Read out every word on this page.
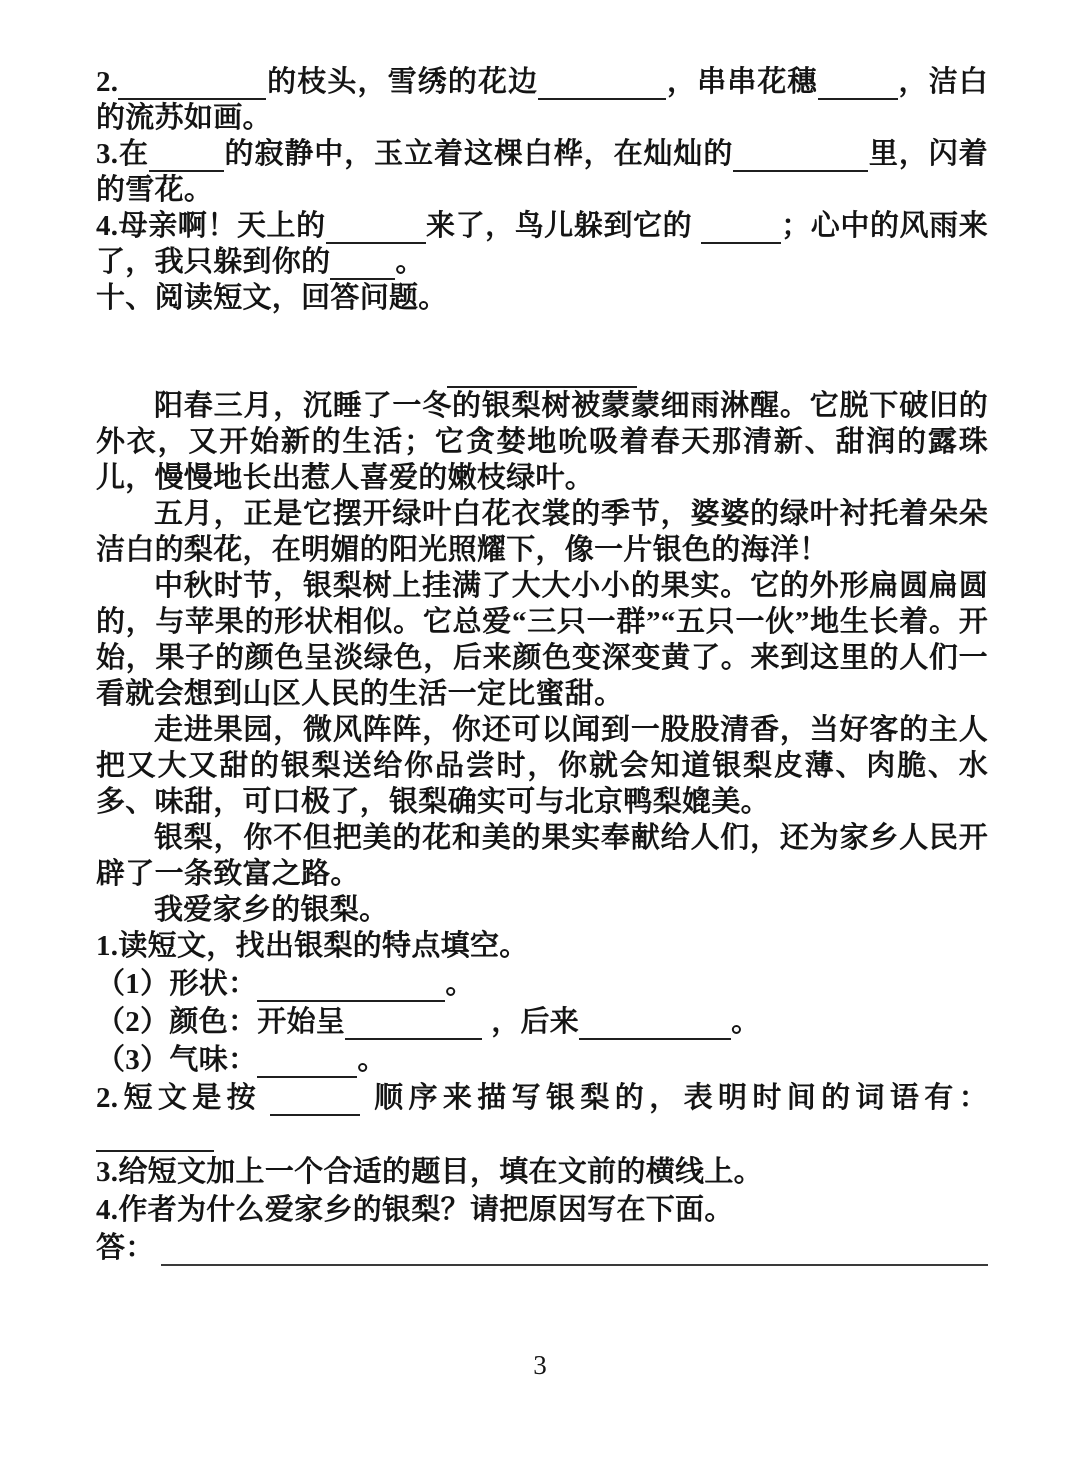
2.	的枝头，雪绣的花边	，串串花穗	，洁白的流苏如画。

3.在	的寂静中，玉立着这棵白桦，在灿灿的	里，闪着的雪花。

4.母亲啊！天上的	来了，鸟儿躲到它的	；心中的风雨来了，我只躲到你的 。

十、阅读短文，回答问题。

阳春三月，沉睡了一冬的银梨树被蒙蒙细雨淋醒。它脱下破旧的外衣，又开始新的生活；它贪婪地吮吸着春天那清新、甜润的露珠儿，慢慢地长出惹人喜爱的嫩枝绿叶。

五月，正是它摆开绿叶白花衣裳的季节，婆婆的绿叶衬托着朵朵洁白的梨花，在明媚的阳光照耀下，像一片银色的海洋！

中秋时节，银梨树上挂满了大大小小的果实。它的外形扁圆扁圆的，与苹果的形状相似。它总爱“三只一群”“五只一伙”地生长着。开始，果子的颜色呈淡绿色，后来颜色变深变黄了。来到这里的人们一看就会想到山区人民的生活一定比蜜甜。

走进果园，微风阵阵，你还可以闻到一股股清香，当好客的主人把又大又甜的银梨送给你品尝时，你就会知道银梨皮薄、肉脆、水多、味甜，可口极了，银梨确实可与北京鸭梨媲美。

银梨，你不但把美的花和美的果实奉献给人们，还为家乡人民开辟了一条致富之路。

我爱家乡的银梨。

1.读短文，找出银梨的特点填空。

（1）形状：	。

（2）颜色：开始呈	，后来	。

（3）气味：	。

2.短文是按	顺序来描写银梨的，表明时间的词语有：

3.给短文加上一个合适的题目，填在文前的横线上。

4.作者为什么爱家乡的银梨？请把原因写在下面。

答：
3
